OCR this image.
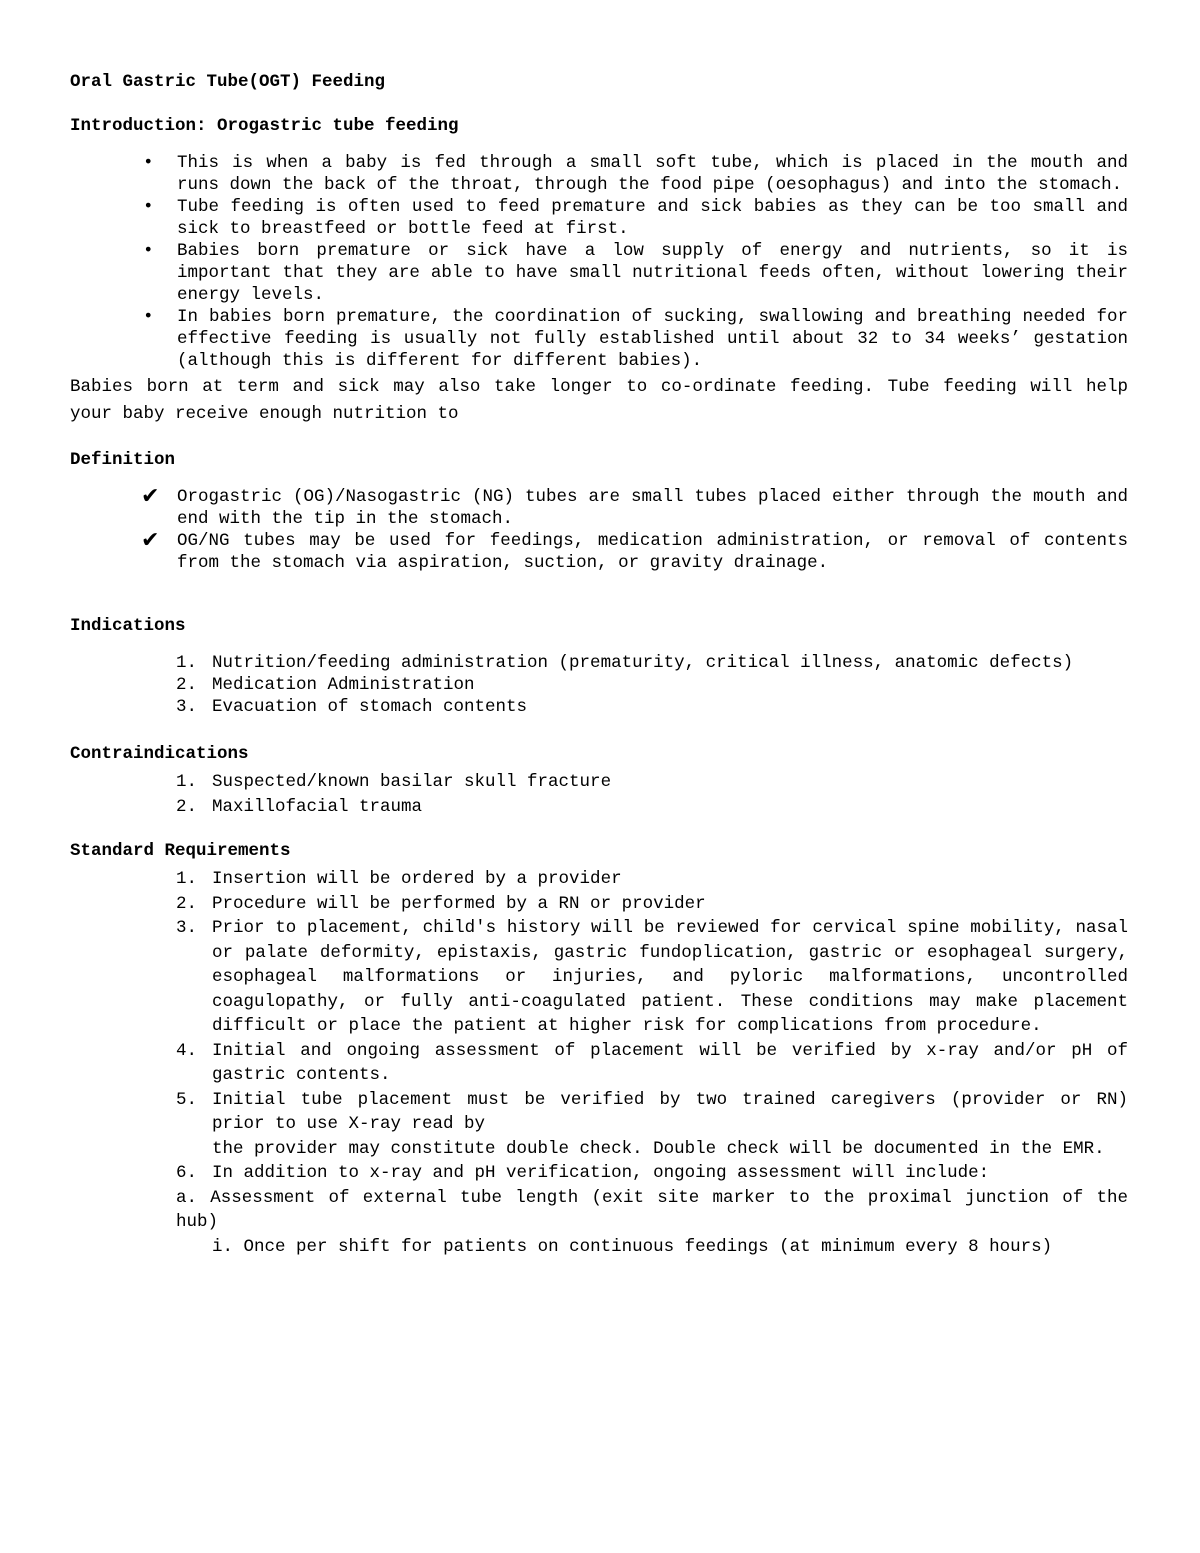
Oral Gastric Tube(OGT) Feeding
Introduction: Orogastric tube feeding
• This is when a baby is fed through a small soft tube, which is placed in the mouth and runs down the back of the throat, through the food pipe (oesophagus) and into the stomach.
• Tube feeding is often used to feed premature and sick babies as they can be too small and sick to breastfeed or bottle feed at first.
• Babies born premature or sick have a low supply of energy and nutrients, so it is important that they are able to have small nutritional feeds often, without lowering their energy levels.
• In babies born premature, the coordination of sucking, swallowing and breathing needed for effective feeding is usually not fully established until about 32 to 34 weeks’ gestation (although this is different for different babies).

Babies born at term and sick may also take longer to co-ordinate feeding. Tube feeding will help your baby receive enough nutrition to

Definition
✔ Orogastric (OG)/Nasogastric (NG) tubes are small tubes placed either through the mouth and end with the tip in the stomach.
✔ OG/NG tubes may be used for feedings, medication administration, or removal of contents from the stomach via aspiration, suction, or gravity drainage.
Indications
1. Nutrition/feeding administration (prematurity, critical illness, anatomic defects)
2. Medication Administration
3. Evacuation of stomach contents
Contraindications
1. Suspected/known basilar skull fracture
2. Maxillofacial trauma
Standard Requirements
1. Insertion will be ordered by a provider
2. Procedure will be performed by a RN or provider
3. Prior to placement, child's history will be reviewed for cervical spine mobility, nasal or palate deformity, epistaxis, gastric fundoplication, gastric or esophageal surgery, esophageal malformations or injuries, and pyloric malformations, uncontrolled coagulopathy, or fully anti-coagulated patient. These conditions may make placement difficult or place the patient at higher risk for complications from procedure.
4. Initial and ongoing assessment of placement will be verified by x-ray and/or pH of gastric contents.
5. Initial tube placement must be verified by two trained caregivers (provider or RN) prior to use X-ray read by
the provider may constitute double check. Double check will be documented in the EMR.
6. In addition to x-ray and pH verification, ongoing assessment will include:
a. Assessment of external tube length (exit site marker to the proximal junction of the hub)
i. Once per shift for patients on continuous feedings (at minimum every 8 hours)
